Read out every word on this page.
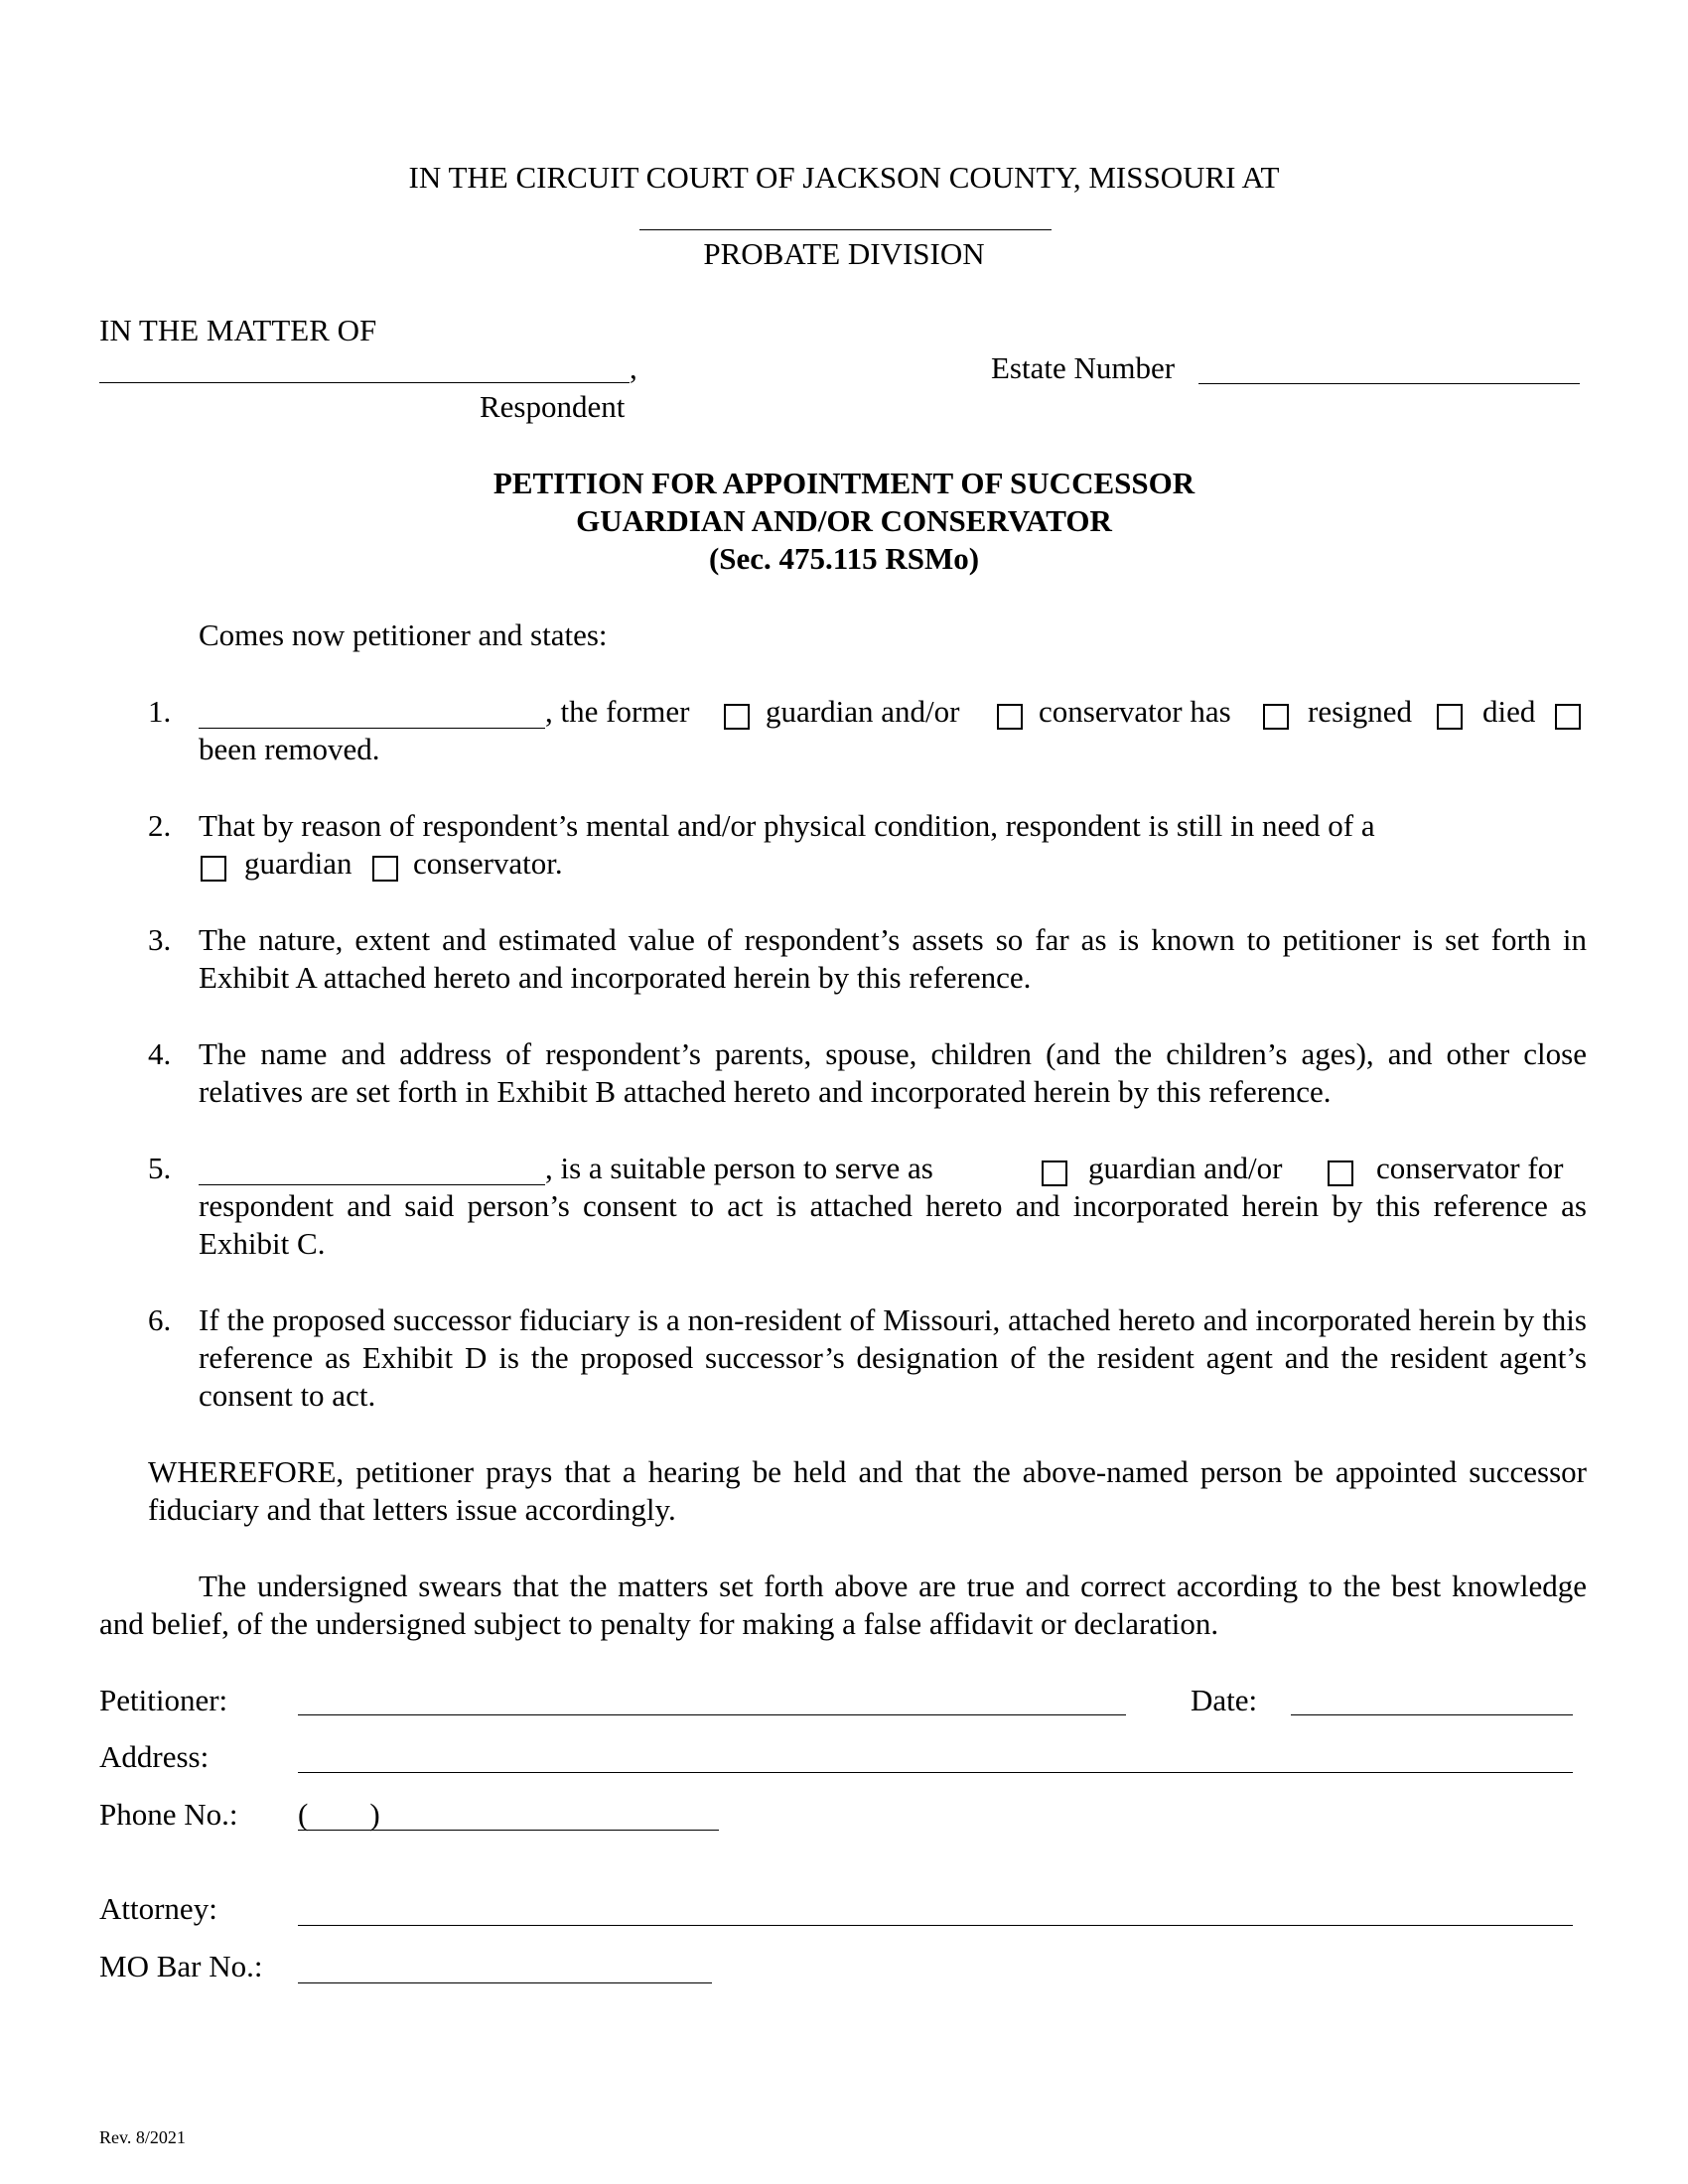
IN THE CIRCUIT COURT OF JACKSON COUNTY, MISSOURI AT
PROBATE DIVISION
IN THE MATTER OF
,
Respondent
Estate Number
PETITION FOR APPOINTMENT OF SUCCESSOR
GUARDIAN AND/OR CONSERVATOR
(Sec. 475.115 RSMo)
Comes now petitioner and states:
1.	, the former guardian and/or	conservator has resigned died
been removed.
2. That by reason of respondent’s mental and/or physical condition, respondent is still in need of a
guardian conservator.
3. The nature, extent and estimated value of respondent’s assets so far as is known to petitioner is set forth in Exhibit A attached hereto and incorporated herein by this reference.
4. The name and address of respondent’s parents, spouse, children (and the children’s ages), and other close relatives are set forth in Exhibit B attached hereto and incorporated herein by this reference.
5.	, is a suitable person to serve as	guardian and/or	conservator for
respondent and said person’s consent to act is attached hereto and incorporated herein by this reference as Exhibit C.
6. If the proposed successor fiduciary is a non-resident of Missouri, attached hereto and incorporated herein by this reference as Exhibit D is the proposed successor’s designation of the resident agent and the resident agent’s consent to act.
WHEREFORE, petitioner prays that a hearing be held and that the above-named person be appointed successor fiduciary and that letters issue accordingly.
The undersigned swears that the matters set forth above are true and correct according to the best knowledge and belief, of the undersigned subject to penalty for making a false affidavit or declaration.
Petitioner:	Date:
Address:
Phone No.: (        )
Attorney:
MO Bar No.:
Rev. 8/2021
